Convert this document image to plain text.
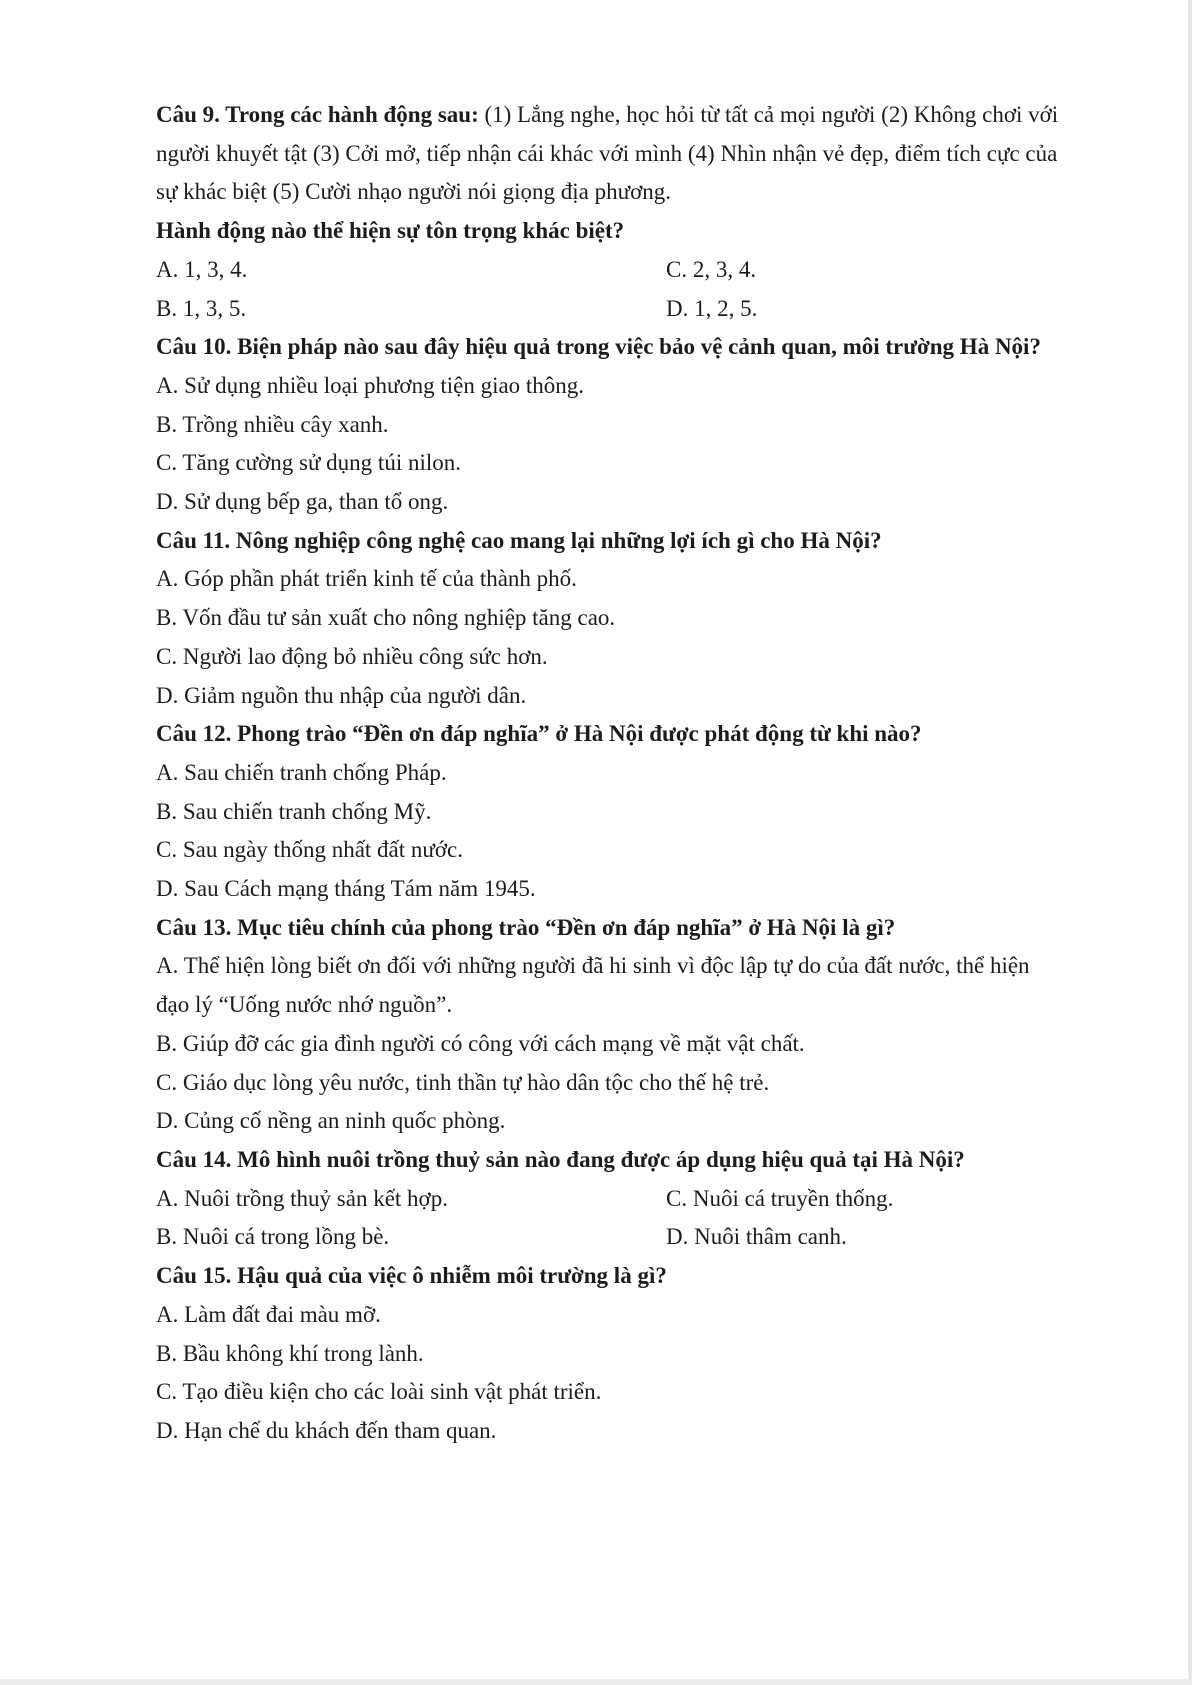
Câu 9. Trong các hành động sau: (1) Lắng nghe, học hỏi từ tất cả mọi người (2) Không chơi với người khuyết tật (3) Cởi mở, tiếp nhận cái khác với mình (4) Nhìn nhận vẻ đẹp, điểm tích cực của sự khác biệt (5) Cười nhạo người nói giọng địa phương.

Hành động nào thể hiện sự tôn trọng khác biệt?

A. 1, 3, 4.	C. 2, 3, 4.
B. 1, 3, 5.	D. 1, 2, 5.

Câu 10. Biện pháp nào sau đây hiệu quả trong việc bảo vệ cảnh quan, môi trường Hà Nội?

A. Sử dụng nhiều loại phương tiện giao thông.
B. Trồng nhiều cây xanh.
C. Tăng cường sử dụng túi nilon.
D. Sử dụng bếp ga, than tổ ong.

Câu 11. Nông nghiệp công nghệ cao mang lại những lợi ích gì cho Hà Nội?

A. Góp phần phát triển kinh tế của thành phố.
B. Vốn đầu tư sản xuất cho nông nghiệp tăng cao.
C. Người lao động bỏ nhiều công sức hơn.
D. Giảm nguồn thu nhập của người dân.

Câu 12. Phong trào “Đền ơn đáp nghĩa” ở Hà Nội được phát động từ khi nào?

A. Sau chiến tranh chống Pháp.
B. Sau chiến tranh chống Mỹ.
C. Sau ngày thống nhất đất nước.
D. Sau Cách mạng tháng Tám năm 1945.

Câu 13. Mục tiêu chính của phong trào “Đền ơn đáp nghĩa” ở Hà Nội là gì?

A. Thể hiện lòng biết ơn đối với những người đã hi sinh vì độc lập tự do của đất nước, thể hiện đạo lý “Uống nước nhớ nguồn”.
B. Giúp đỡ các gia đình người có công với cách mạng về mặt vật chất.
C. Giáo dục lòng yêu nước, tinh thần tự hào dân tộc cho thế hệ trẻ.
D. Củng cố nềng an ninh quốc phòng.

Câu 14. Mô hình nuôi trồng thuỷ sản nào đang được áp dụng hiệu quả tại Hà Nội?

A. Nuôi trồng thuỷ sản kết hợp.	C. Nuôi cá truyền thống.
B. Nuôi cá trong lồng bè.	D. Nuôi thâm canh.

Câu 15. Hậu quả của việc ô nhiễm môi trường là gì?

A. Làm đất đai màu mỡ.
B. Bầu không khí trong lành.
C. Tạo điều kiện cho các loài sinh vật phát triển.
D. Hạn chế du khách đến tham quan.
